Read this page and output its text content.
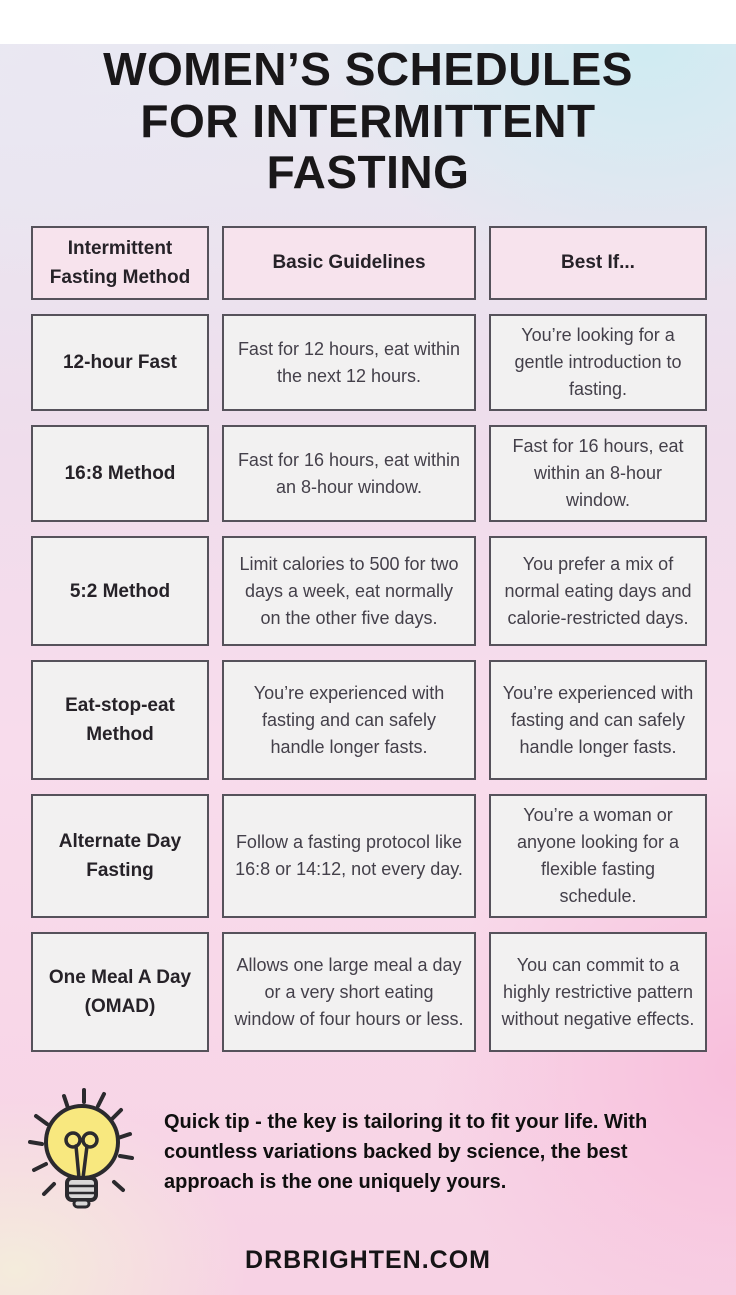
WOMEN’S SCHEDULES
FOR INTERMITTENT
FASTING
Intermittent Fasting Method
Basic Guidelines	Best If...
12-hour Fast
Fast for 12 hours, eat within the next 12 hours.
You’re looking for a gentle introduction to fasting.
16:8 Method
Fast for 16 hours, eat within an 8-hour window.
Fast for 16 hours, eat within an 8-hour window.
5:2 Method
Limit calories to 500 for two days a week, eat normally on the other five days.
You prefer a mix of normal eating days and calorie-restricted days.
Eat-stop-eat Method
You’re experienced with fasting and can safely handle longer fasts.
You’re experienced with fasting and can safely handle longer fasts.
Alternate Day Fasting
Follow a fasting protocol like 16:8 or 14:12, not every day.
You’re a woman or anyone looking for a flexible fasting schedule.
One Meal A Day (OMAD)
Allows one large meal a day or a very short eating window of four hours or less.
You can commit to a highly restrictive pattern without negative effects.
Quick tip - the key is tailoring it to fit your life. With countless variations backed by science, the best approach is the one uniquely yours.
DRBRIGHTEN.COM
